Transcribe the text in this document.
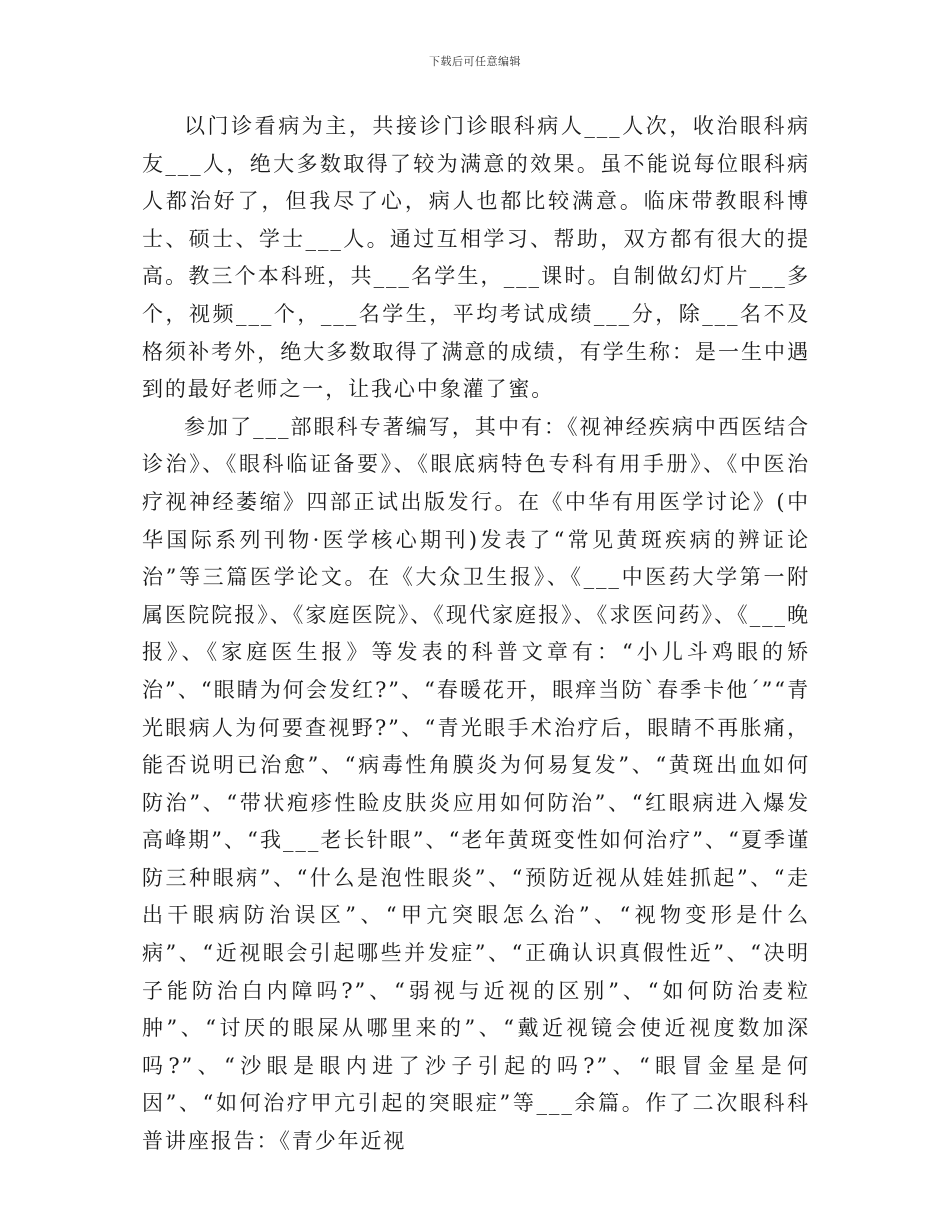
下载后可任意编辑

以门诊看病为主，共接诊门诊眼科病人___人次，收治眼科病友___人，绝大多数取得了较为满意的效果。虽不能说每位眼科病人都治好了，但我尽了心，病人也都比较满意。临床带教眼科博士、硕士、学士___人。通过互相学习、帮助，双方都有很大的提高。教三个本科班，共___名学生，___课时。自制做幻灯片___多个，视频___个，___名学生，平均考试成绩___分，除___名不及格须补考外，绝大多数取得了满意的成绩，有学生称：是一生中遇到的最好老师之一，让我心中象灌了蜜。

参加了___部眼科专著编写，其中有：《视神经疾病中西医结合诊治》、《眼科临证备要》、《眼底病特色专科有用手册》、《中医治疗视神经萎缩》四部正试出版发行。在《中华有用医学讨论》(中华国际系列刊物·医学核心期刊)发表了“常见黄斑疾病的辨证论治”等三篇医学论文。在《大众卫生报》、《___中医药大学第一附属医院院报》、《家庭医院》、《现代家庭报》、《求医问药》、《___晚报》、《家庭医生报》等发表的科普文章有：“小儿斗鸡眼的矫治”、“眼睛为何会发红?”、“春暖花开，眼痒当防`春季卡他´”“青光眼病人为何要查视野?”、“青光眼手术治疗后，眼睛不再胀痛，能否说明已治愈”、“病毒性角膜炎为何易复发”、“黄斑出血如何防治”、“带状疱疹性睑皮肤炎应用如何防治”、“红眼病进入爆发高峰期”、“我___老长针眼”、“老年黄斑变性如何治疗”、“夏季谨防三种眼病”、“什么是泡性眼炎”、“预防近视从娃娃抓起”、“走出干眼病防治误区”、“甲亢突眼怎么治”、“视物变形是什么病”、“近视眼会引起哪些并发症”、“正确认识真假性近”、“决明子能防治白内障吗?”、“弱视与近视的区别”、“如何防治麦粒肿”、“讨厌的眼屎从哪里来的”、“戴近视镜会使近视度数加深吗?”、“沙眼是眼内进了沙子引起的吗?”、“眼冒金星是何因”、“如何治疗甲亢引起的突眼症”等___余篇。作了二次眼科科普讲座报告：《青少年近视
